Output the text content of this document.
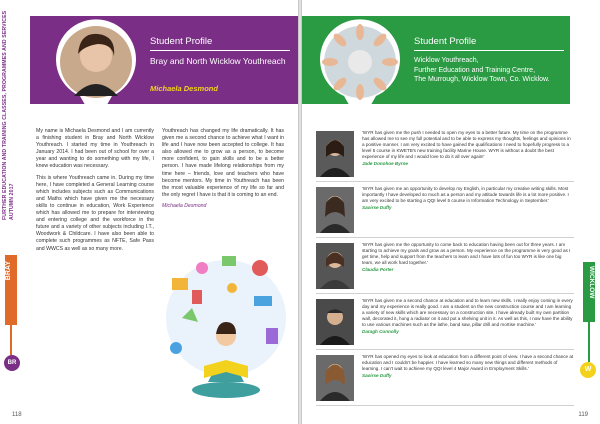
FURTHER EDUCATION AND TRAINING CLASSES, PROGRAMMES AND SERVICES
AUTUMN 2017
BRAY
BR
Student Profile
Bray and North Wicklow Youthreach
Michaela Desmond

My name is Michaela Desmond and I am currently a finishing student in Bray and North Wicklow Youthreach. I started my time in Youthreach in January 2014. I had been out of school for over a year and wanting to do something with my life, I knew education was necessary.

This is where Youthreach came in. During my time here, I have completed a General Learning course which includes subjects such as Communications and Maths which have given me the necessary skills to continue in education, Work Experience which has allowed me to prepare for interviewing and entering college and the workforce in the future and a variety of other subjects including I.T., Woodwork & Childcare. I have also been able to complete such programmes as NFTE, Safe Pass and WWCS as well as so many more.

Youthreach has changed my life dramatically. It has given me a second chance to achieve what I want in life and I have now been accepted to college. It has also allowed me to grow as a person, to become more confident, to gain skills and to be a better person. I have made lifelong relationships from my time here – friends, love and teachers who have become mentors. My time in Youthreach has been the most valuable experience of my life so far and the only regret I have is that it is coming to an end.

Michaela Desmond

118
Student Profile
Wicklow Youthreach,
Further Education and Training Centre,
The Murrough, Wicklow Town, Co. Wicklow.
'WYR has given me the push I needed to open my eyes to a better future. My time on the programme has allowed me to see my full potential and to be able to express my thoughts, feelings and opinions in a positive manner. I am very excited to have gained the qualifications I need to hopefully progress to a level 5 course in KWETB's new training facility Marine House. WYR is without a doubt the best experience of my life and I would love to do it all over again!'
Jade Donohoe Byrne
'WYR has given me an opportunity to develop my English, in particular my creative writing skills. Most importantly I have developed so much as a person and my attitude towards life is a lot more positive. I am very excited to be starting a QQI level 5 course in Information Technology in September.'
Saoirse Duffy
'WYR has given me the opportunity to come back to education having been out for three years. I am starting to achieve my goals and grow as a person. My experience on the programme is very good as I get time, help and support from the teachers to learn and I have lots of fun too WYR is like one big team, we all work hard together.'
Claudia Porter
'WYR has given me a second chance at education and to learn new skills. I really enjoy coming in every day and my experience is really good. I am a student on the new construction course and I am learning a variety of new skills which are necessary on a construction site. I have already built my own partition wall, decorated it, hung a radiator on it and put a shelving unit in it. As well as this, I now have the ability to use various machines such as the lathe, band saw, pillar drill and mortise machine.'
Daragh Connolly
'WYR has opened my eyes to look at education from a different point of view. I have a second chance at education and I couldn't be happier. I have learned so many new things and different methods of learning. I can't wait to achieve my QQI level 4 Major Award in Employment Skills.'
Saoirse Duffy
WICKLOW
W
119
